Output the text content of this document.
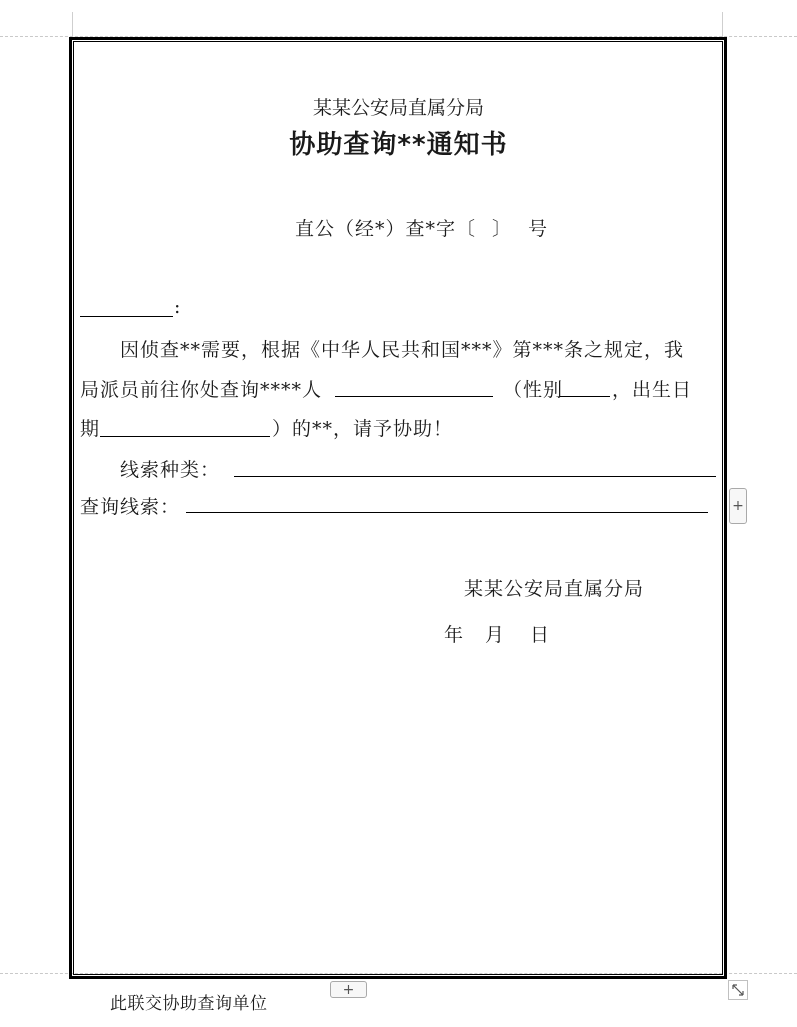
某某公安局直属分局
协助查询**通知书
直公（经*）查*字〔 〕 号
:
因侦查**需要，根据《中华人民共和国***》第***条之规定，我
局派员前往你处查询****人	（性别	，出生日
期	）的**，请予协助！
线索种类：
查询线索：
某某公安局直属分局
年 月 日
+
+
此联交协助查询单位
